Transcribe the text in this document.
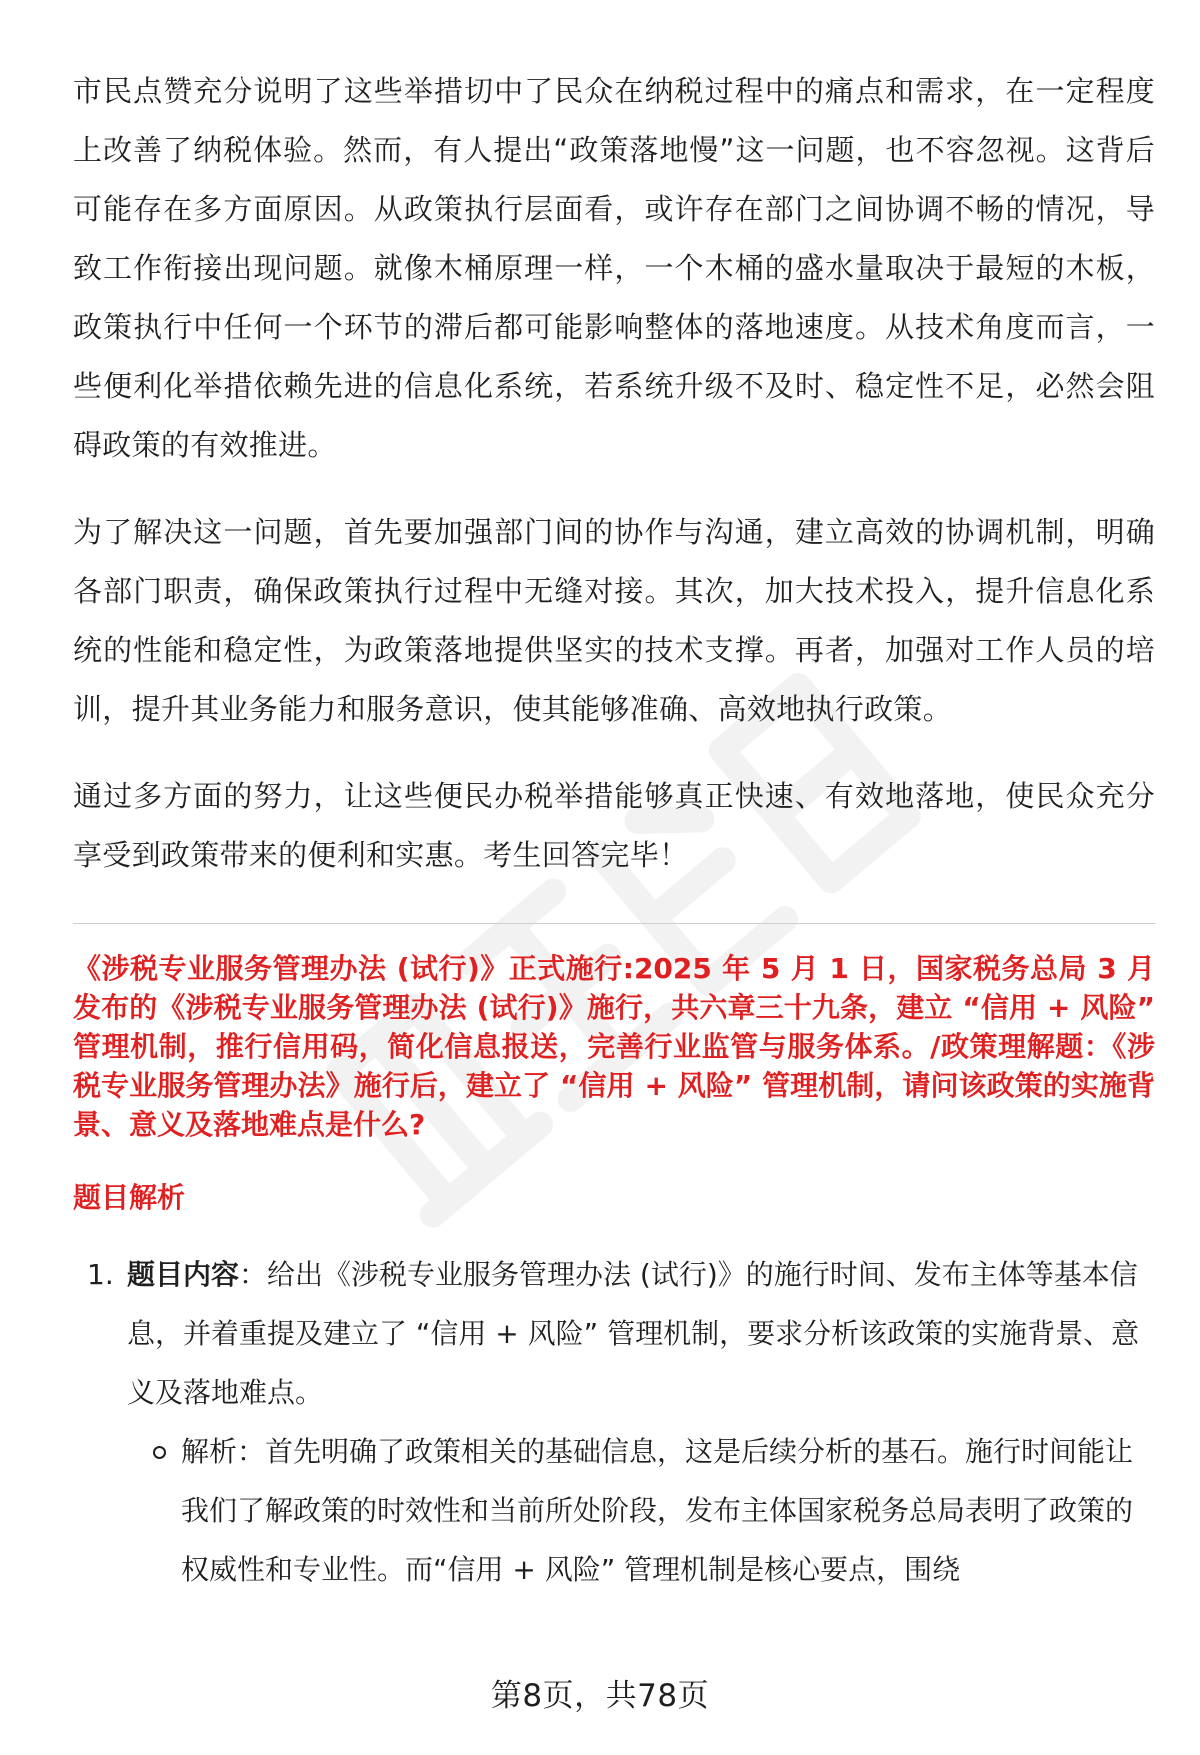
市民点赞充分说明了这些举措切中了民众在纳税过程中的痛点和需求，在一定程度上改善了纳税体验。然而，有人提出“政策落地慢”这一问题，也不容忽视。这背后可能存在多方面原因。从政策执行层面看，或许存在部门之间协调不畅的情况，导致工作衔接出现问题。就像木桶原理一样，一个木桶的盛水量取决于最短的木板，政策执行中任何一个环节的滞后都可能影响整体的落地速度。从技术角度而言，一些便利化举措依赖先进的信息化系统，若系统升级不及时、稳定性不足，必然会阻碍政策的有效推进。

为了解决这一问题，首先要加强部门间的协作与沟通，建立高效的协调机制，明确各部门职责，确保政策执行过程中无缝对接。其次，加大技术投入，提升信息化系统的性能和稳定性，为政策落地提供坚实的技术支撑。再者，加强对工作人员的培训，提升其业务能力和服务意识，使其能够准确、高效地执行政策。

通过多方面的努力，让这些便民办税举措能够真正快速、有效地落地，使民众充分享受到政策带来的便利和实惠。考生回答完毕！

《涉税专业服务管理办法 (试行)》正式施行:2025 年 5 月 1 日，国家税务总局 3 月发布的《涉税专业服务管理办法 (试行)》施行，共六章三十九条，建立 “信用 + 风险” 管理机制，推行信用码，简化信息报送，完善行业监管与服务体系。/政策理解题：《涉税专业服务管理办法》施行后，建立了 “信用 + 风险” 管理机制，请问该政策的实施背景、意义及落地难点是什么?

题目解析

1. 题目内容：给出《涉税专业服务管理办法 (试行)》的施行时间、发布主体等基本信息，并着重提及建立了 “信用 + 风险” 管理机制，要求分析该政策的实施背景、意义及落地难点。
解析：首先明确了政策相关的基础信息，这是后续分析的基石。施行时间能让我们了解政策的时效性和当前所处阶段，发布主体国家税务总局表明了政策的权威性和专业性。而“信用 + 风险” 管理机制是核心要点，围绕
第8页，共78页
